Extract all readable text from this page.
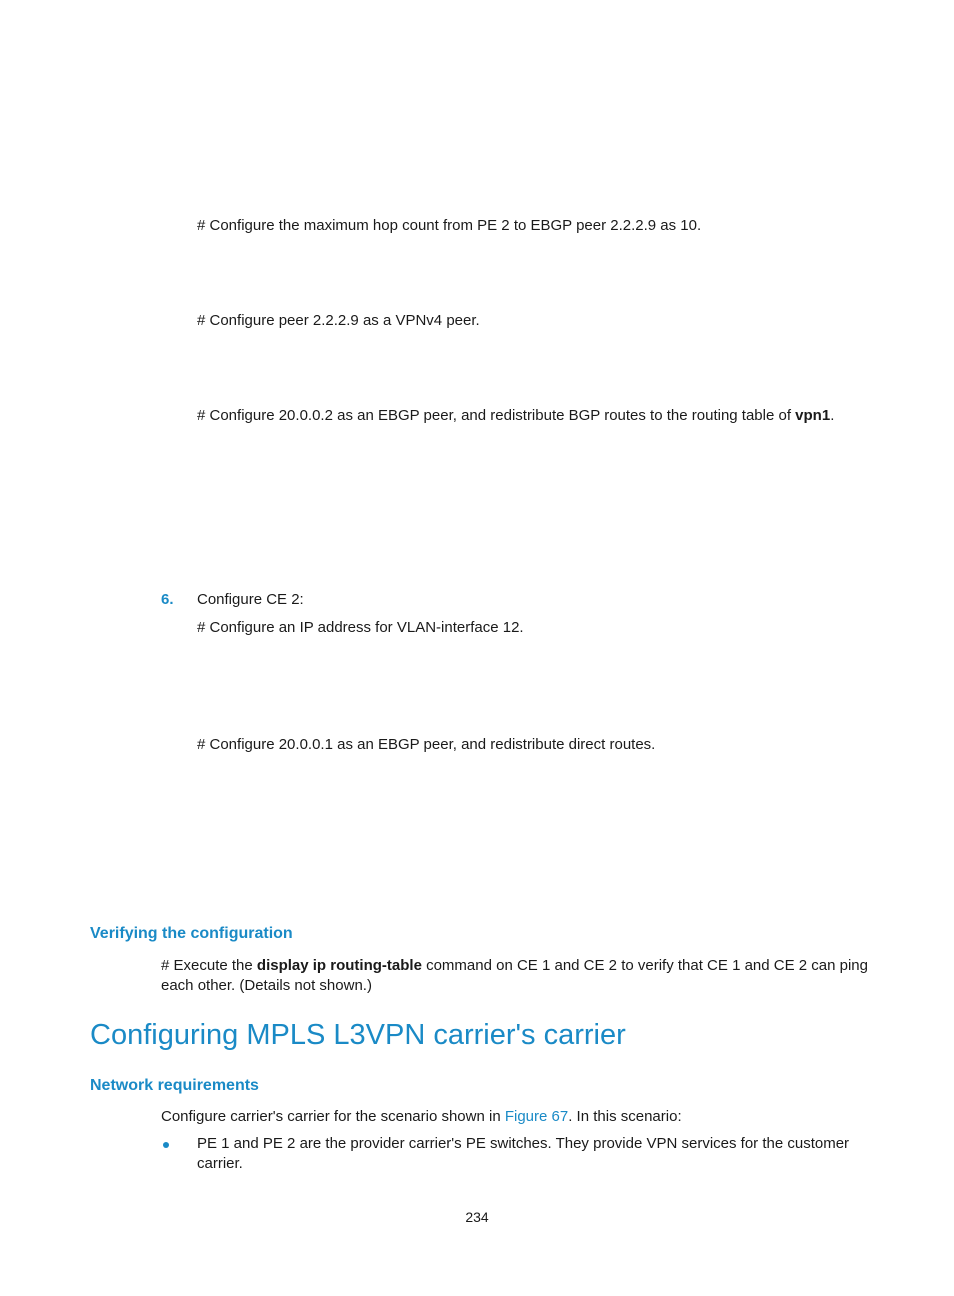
# Configure the maximum hop count from PE 2 to EBGP peer 2.2.2.9 as 10.
# Configure peer 2.2.2.9 as a VPNv4 peer.
# Configure 20.0.0.2 as an EBGP peer, and redistribute BGP routes to the routing table of vpn1.
6. Configure CE 2:
# Configure an IP address for VLAN-interface 12.
# Configure 20.0.0.1 as an EBGP peer, and redistribute direct routes.
Verifying the configuration
# Execute the display ip routing-table command on CE 1 and CE 2 to verify that CE 1 and CE 2 can ping each other. (Details not shown.)
Configuring MPLS L3VPN carrier's carrier
Network requirements
Configure carrier's carrier for the scenario shown in Figure 67. In this scenario:
PE 1 and PE 2 are the provider carrier's PE switches. They provide VPN services for the customer carrier.
234
